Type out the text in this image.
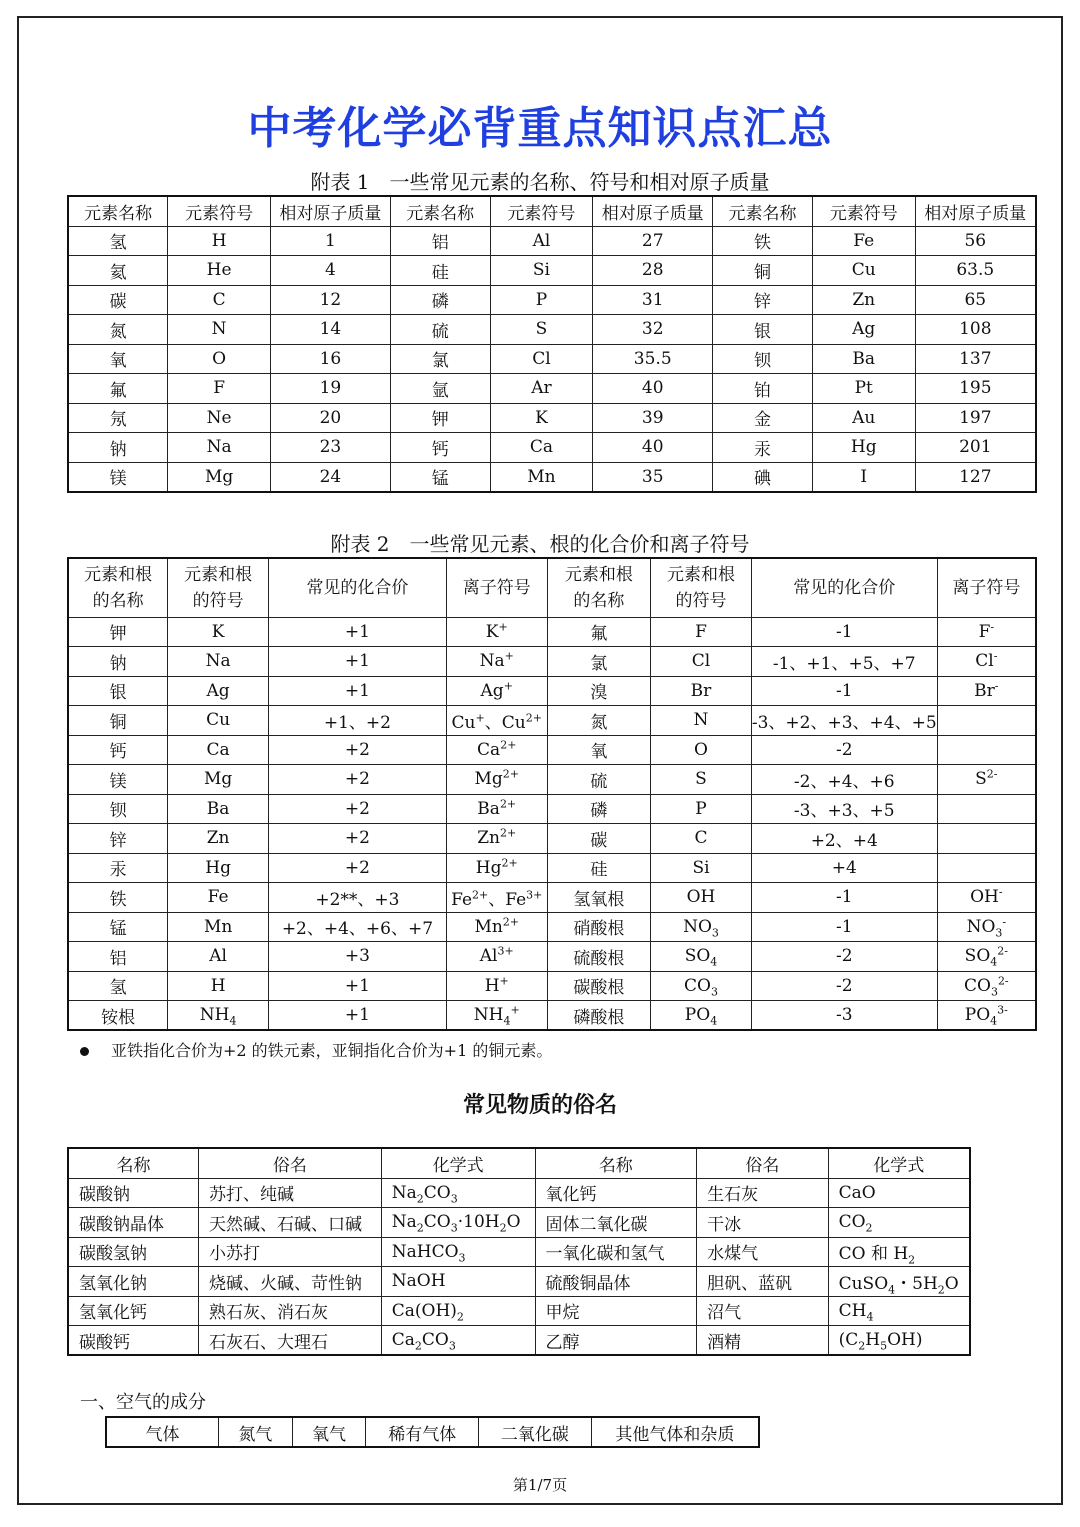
中考化学必背重点知识点汇总
附表 1　一些常见元素的名称、符号和相对原子质量
元素名称	元素符号	相对原子质量	元素名称	元素符号	相对原子质量	元素名称	元素符号	相对原子质量
氢	H	1	铝	Al	27	铁	Fe	56
氦	He	4	硅	Si	28	铜	Cu	63.5
碳	C	12	磷	P	31	锌	Zn	65
氮	N	14	硫	S	32	银	Ag	108
氧	O	16	氯	Cl	35.5	钡	Ba	137
氟	F	19	氩	Ar	40	铂	Pt	195
氖	Ne	20	钾	K	39	金	Au	197
钠	Na	23	钙	Ca	40	汞	Hg	201
镁	Mg	24	锰	Mn	35	碘	I	127
附表 2　一些常见元素、根的化合价和离子符号
元素和根
的名称	元素和根
的符号	常见的化合价	离子符号	元素和根
的名称	元素和根
的符号	常见的化合价	离子符号
钾	K	+1	K+	氟	F	-1	F-
钠	Na	+1	Na+	氯	Cl	-1、+1、+5、+7	Cl-
银	Ag	+1	Ag+	溴	Br	-1	Br-
铜	Cu	+1、+2	Cu+、$Cu^{2+}$	氮	N	-3、+2、+3、+4、+5	
钙	Ca	+2	$Ca^{2+}$	氧	O	-2	
镁	Mg	+2	$Mg^{2+}$	硫	S	-2、+4、+6	$S^{2-}$
钡	Ba	+2	$Ba^{2+}$	磷	P	-3、+3、+5	
锌	Zn	+2	$Zn^{2+}$	碳	C	+2、+4	
汞	Hg	+2	$Hg^{2+}$	硅	Si	+4	
铁	Fe	+2**、+3	$Fe^{2+}$、$Fe^{3+}$	氢氧根	OH	-1	OH-
锰	Mn	+2、+4、+6、+7	$Mn^{2+}$	硝酸根	$NO_3$	-1	$NO_3^-$
铝	Al	+3	$Al^{3+}$	硫酸根	$SO_4$	-2	$SO_4^{2-}$
氢	H	+1	H+	碳酸根	$CO_3$	-2	$CO_3^{2-}$
铵根	$NH_4$	+1	$NH_4^+$	磷酸根	$PO_4$	-3	$PO_4^{3-}$
亚铁指化合价为+2 的铁元素，亚铜指化合价为+1 的铜元素。
常见物质的俗名
名称	俗名	化学式	名称	俗名	化学式
碳酸钠	苏打、纯碱	$Na_2CO_3$	氧化钙	生石灰	CaO
碳酸钠晶体	天然碱、石碱、口碱	$Na_2CO_3\cdot 10H_2O$	固体二氧化碳	干冰	$CO_2$
碳酸氢钠	小苏打	NaHCO$_3$	一氧化碳和氢气	水煤气	CO 和 $H_2$
氢氧化钠	烧碱、火碱、苛性钠	NaOH	硫酸铜晶体	胆矾、蓝矾	CuSO$_4$・$5H_2O$
氢氧化钙	熟石灰、消石灰	$Ca(OH)_2$	甲烷	沼气	$CH_4$
碳酸钙	石灰石、大理石	$Ca_2CO_3$	乙醇	酒精	$(C_2H_5OH)$
一、空气的成分
气体	氮气	氧气	稀有气体	二氧化碳	其他气体和杂质
第1/7页
